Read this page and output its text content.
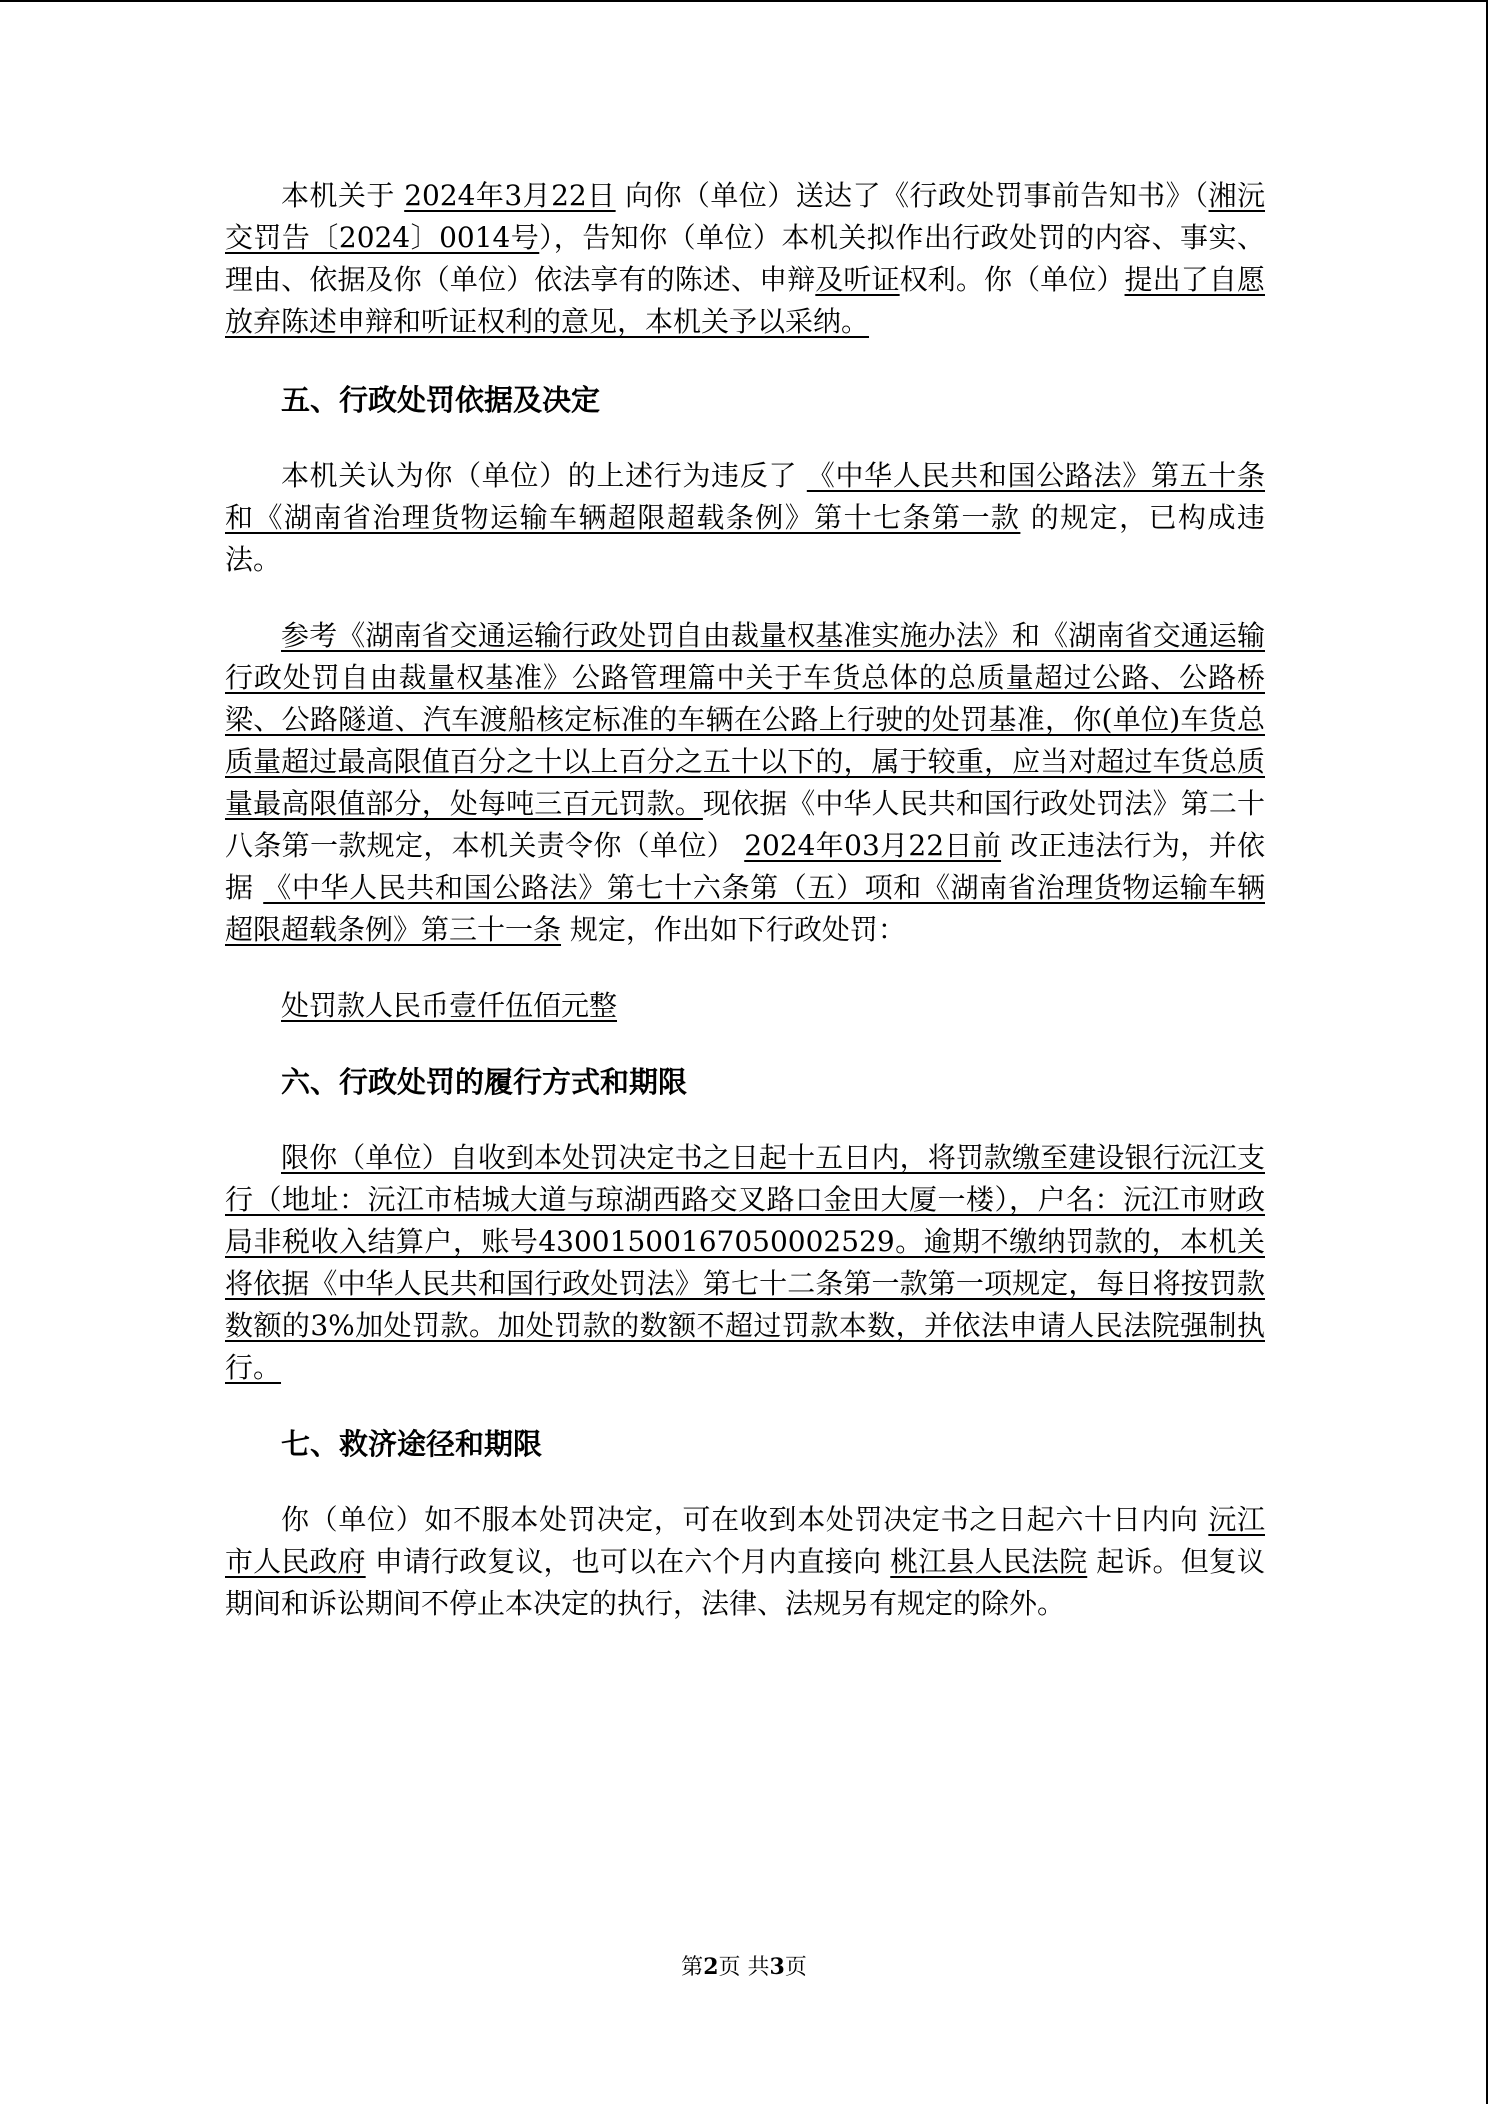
本机关于 2024年3月22日 向你（单位）送达了《行政处罚事前告知书》（湘沅交罚告〔2024〕0014号），告知你（单位）本机关拟作出行政处罚的内容、事实、理由、依据及你（单位）依法享有的陈述、申辩及听证权利。你（单位）提出了自愿放弃陈述申辩和听证权利的意见，本机关予以采纳。

五、行政处罚依据及决定

本机关认为你（单位）的上述行为违反了 《中华人民共和国公路法》第五十条和《湖南省治理货物运输车辆超限超载条例》第十七条第一款 的规定，已构成违法。

参考《湖南省交通运输行政处罚自由裁量权基准实施办法》和《湖南省交通运输行政处罚自由裁量权基准》公路管理篇中关于车货总体的总质量超过公路、公路桥梁、公路隧道、汽车渡船核定标准的车辆在公路上行驶的处罚基准，你(单位)车货总质量超过最高限值百分之十以上百分之五十以下的，属于较重，应当对超过车货总质量最高限值部分，处每吨三百元罚款。现依据《中华人民共和国行政处罚法》第二十八条第一款规定，本机关责令你（单位） 2024年03月22日前 改正违法行为，并依据 《中华人民共和国公路法》第七十六条第（五）项和《湖南省治理货物运输车辆超限超载条例》第三十一条 规定，作出如下行政处罚：

处罚款人民币壹仟伍佰元整

六、行政处罚的履行方式和期限

限你（单位）自收到本处罚决定书之日起十五日内，将罚款缴至建设银行沅江支行（地址：沅江市桔城大道与琼湖西路交叉路口金田大厦一楼），户名：沅江市财政局非税收入结算户，账号43001500167050002529。逾期不缴纳罚款的，本机关将依据《中华人民共和国行政处罚法》第七十二条第一款第一项规定，每日将按罚款数额的3%加处罚款。加处罚款的数额不超过罚款本数，并依法申请人民法院强制执行。

七、救济途径和期限

你（单位）如不服本处罚决定，可在收到本处罚决定书之日起六十日内向 沅江市人民政府 申请行政复议，也可以在六个月内直接向 桃江县人民法院 起诉。但复议期间和诉讼期间不停止本决定的执行，法律、法规另有规定的除外。

第2页 共3页
